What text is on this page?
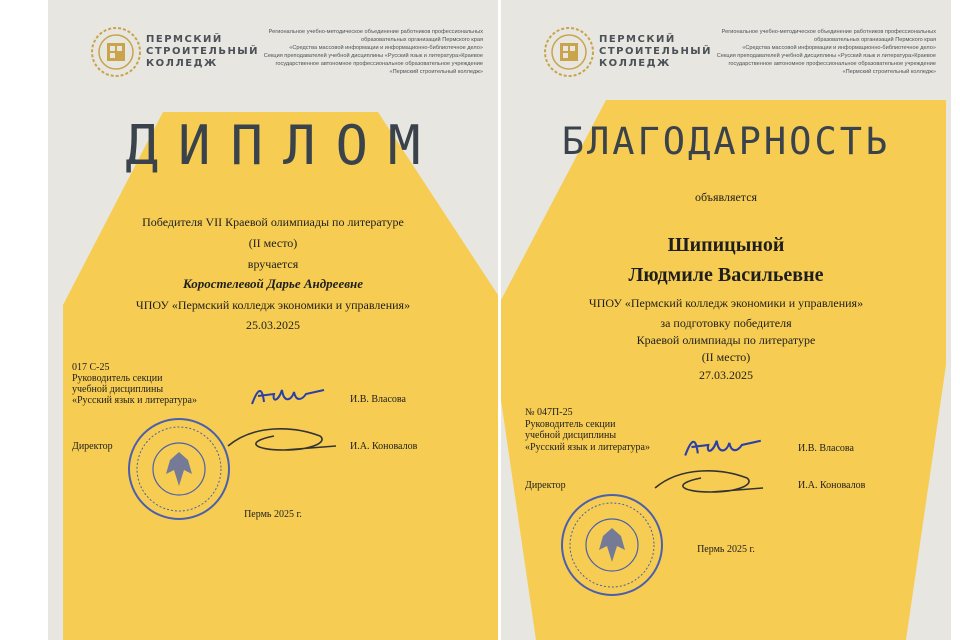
ПЕРМСКИЙ
СТРОИТЕЛЬНЫЙ
КОЛЛЕДЖ
Региональное учебно-методическое объединение работников профессиональных
образовательных организаций Пермского края
«Средства массовой информации и информационно-библиотечное дело»
Секция преподавателей учебной дисциплины «Русский язык и литература»Краевое
государственное автономное профессиональное образовательное учреждение
«Пермский строительный колледж»
ДИПЛОМ
Победителя VII Краевой олимпиады по литературе
(II место)
вручается
Коростелевой Дарье Андреевне
ЧПОУ «Пермский колледж экономики и управления»
25.03.2025
017 С-25
Руководитель секции
учебной дисциплины
«Русский язык и литература»	И.В. Власова
Директор	И.А. Коновалов
Пермь 2025 г.
ПЕРМСКИЙ
СТРОИТЕЛЬНЫЙ
КОЛЛЕДЖ
Региональное учебно-методическое объединение работников профессиональных
образовательных организаций Пермского края
«Средства массовой информации и информационно-библиотечное дело»
Секция преподавателей учебной дисциплины «Русский язык и литература»Краевое
государственное автономное профессиональное образовательное учреждение
«Пермский строительный колледж»
БЛАГОДАРНОСТЬ
объявляется
Шипицыной
Людмиле Васильевне
ЧПОУ «Пермский колледж экономики и управления»
за подготовку победителя
Краевой олимпиады по литературе
(II место)
27.03.2025
№ 047П-25
Руководитель секции
учебной дисциплины
«Русский язык и литература»	И.В. Власова
Директор	И.А. Коновалов
Пермь 2025 г.
